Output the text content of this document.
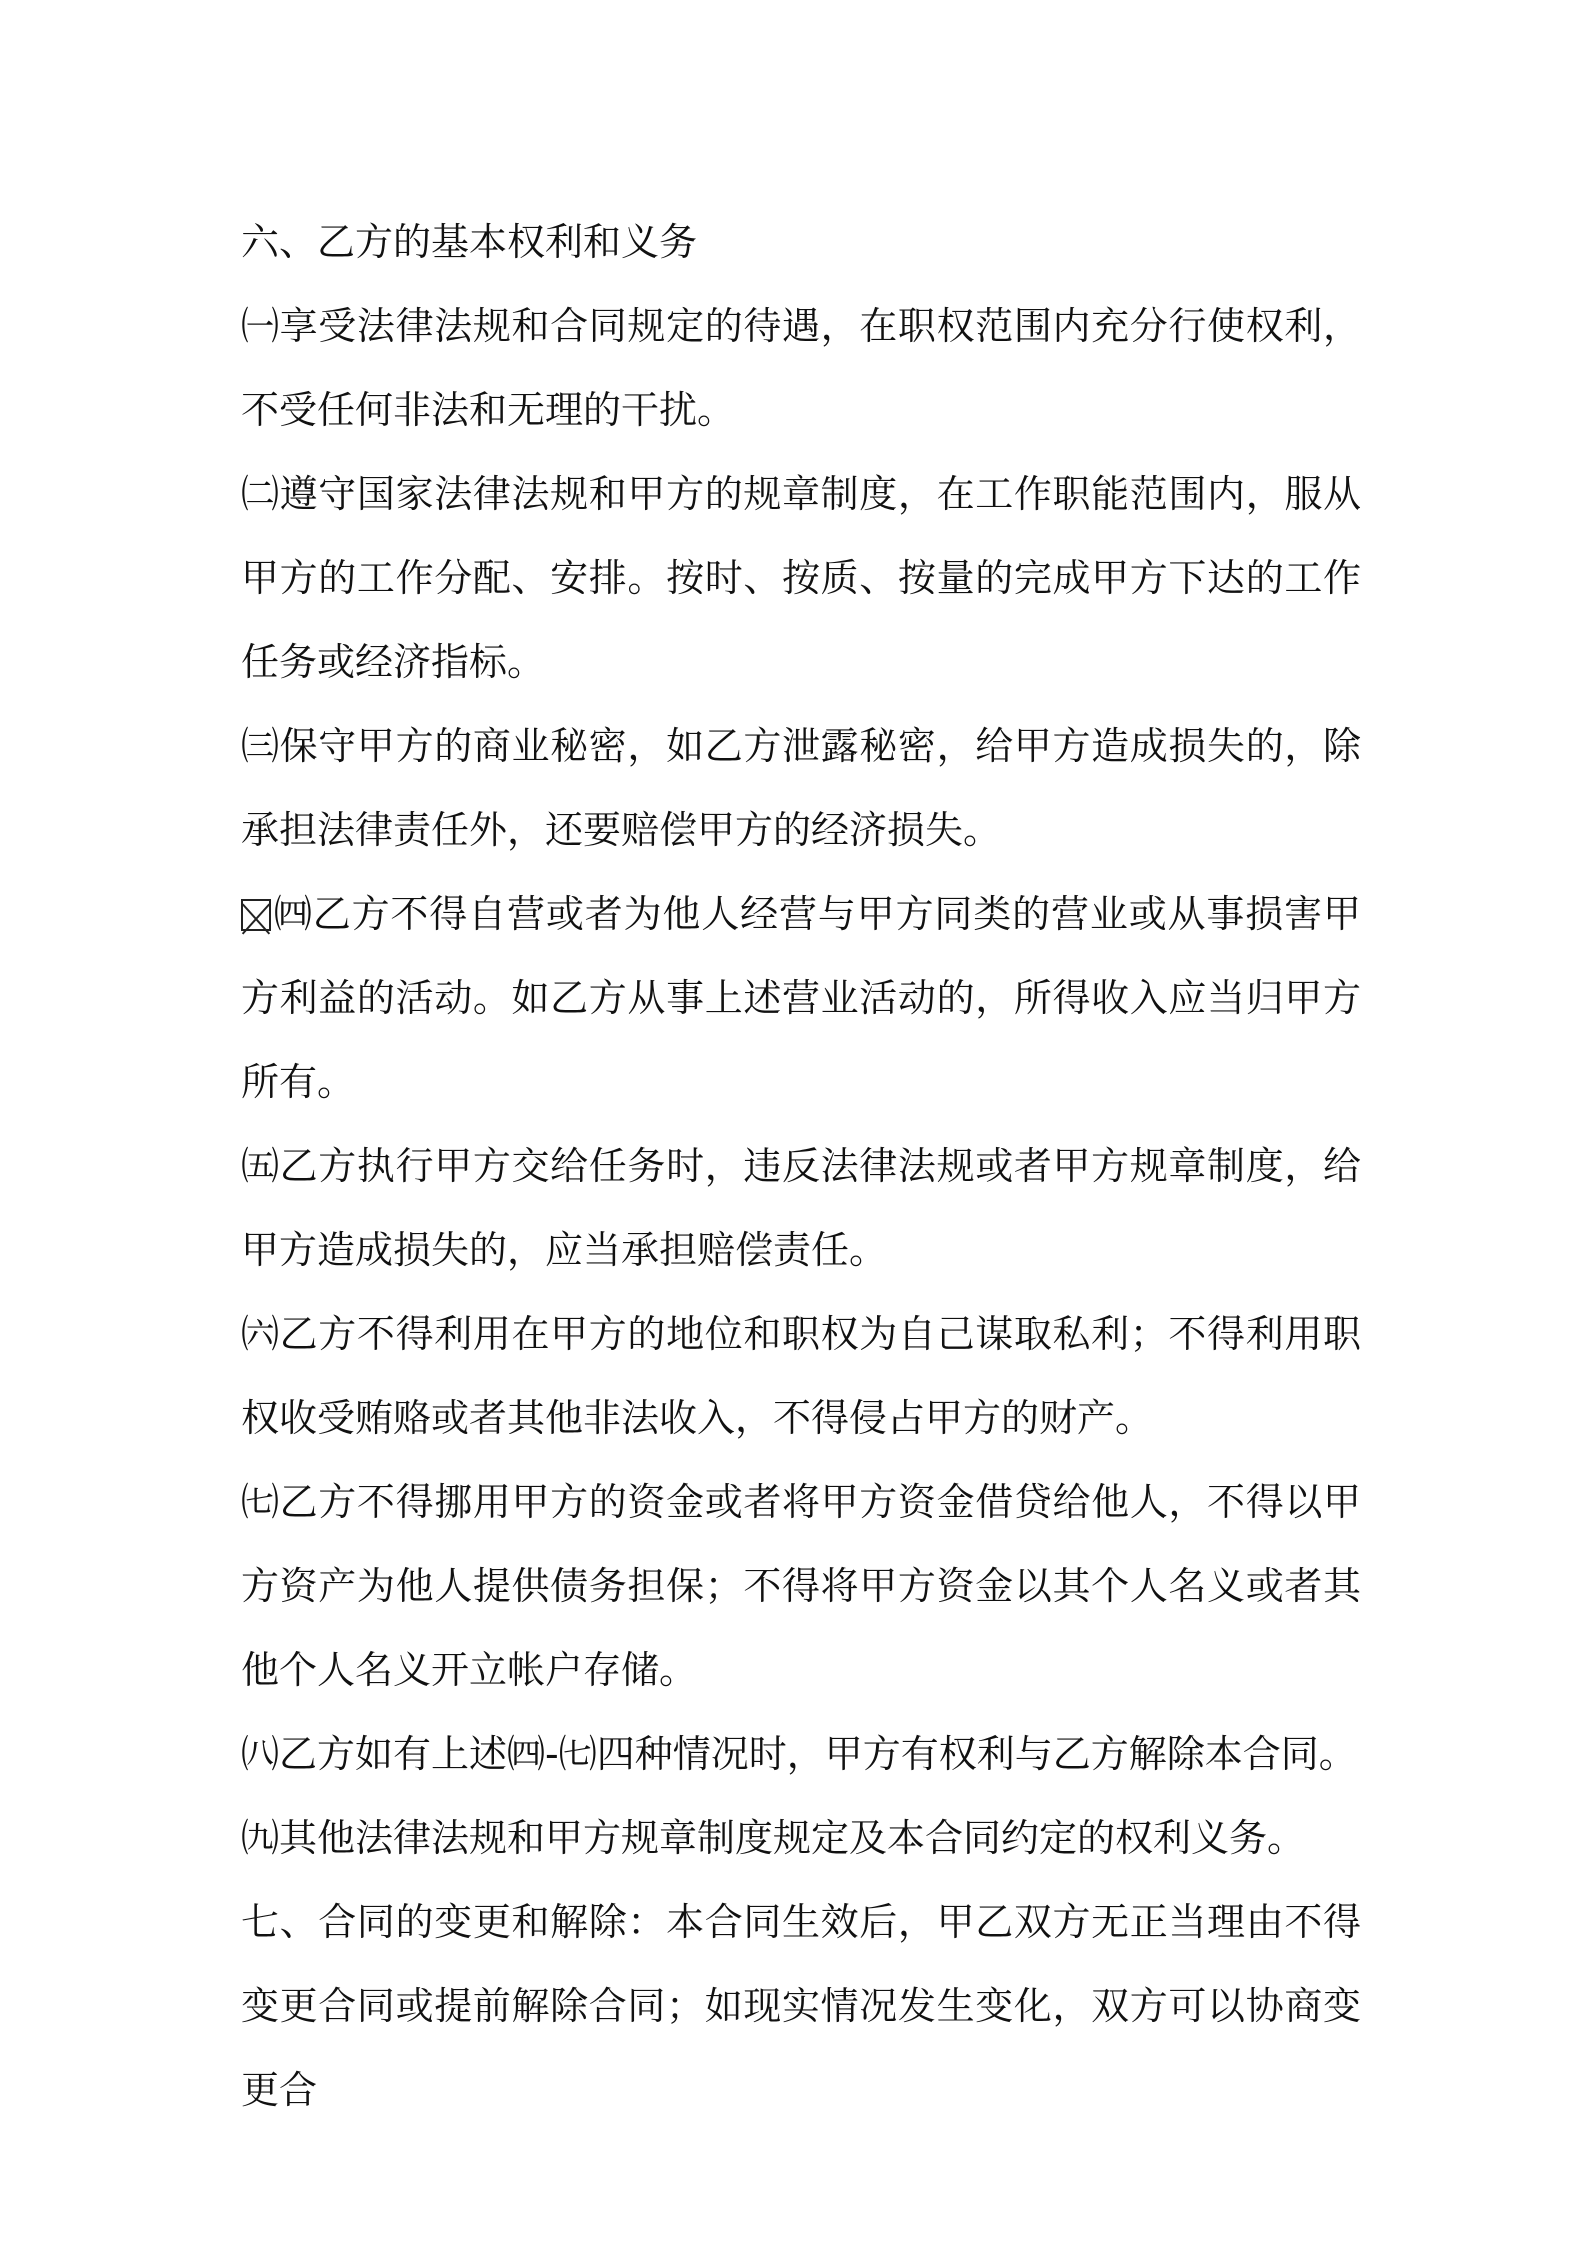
六、乙方的基本权利和义务

㈠享受法律法规和合同规定的待遇，在职权范围内充分行使权利，不受任何非法和无理的干扰。

㈡遵守国家法律法规和甲方的规章制度，在工作职能范围内，服从甲方的工作分配、安排。按时、按质、按量的完成甲方下达的工作任务或经济指标。

㈢保守甲方的商业秘密，如乙方泄露秘密，给甲方造成损失的，除承担法律责任外，还要赔偿甲方的经济损失。

㈣乙方不得自营或者为他人经营与甲方同类的营业或从事损害甲方利益的活动。如乙方从事上述营业活动的，所得收入应当归甲方所有。

㈤乙方执行甲方交给任务时，违反法律法规或者甲方规章制度，给甲方造成损失的，应当承担赔偿责任。

㈥乙方不得利用在甲方的地位和职权为自己谋取私利；不得利用职权收受贿赂或者其他非法收入，不得侵占甲方的财产。

㈦乙方不得挪用甲方的资金或者将甲方资金借贷给他人，不得以甲方资产为他人提供债务担保；不得将甲方资金以其个人名义或者其他个人名义开立帐户存储。

㈧乙方如有上述㈣-㈦四种情况时，甲方有权利与乙方解除本合同。

㈨其他法律法规和甲方规章制度规定及本合同约定的权利义务。

七、合同的变更和解除：本合同生效后，甲乙双方无正当理由不得变更合同或提前解除合同；如现实情况发生变化，双方可以协商变更合
